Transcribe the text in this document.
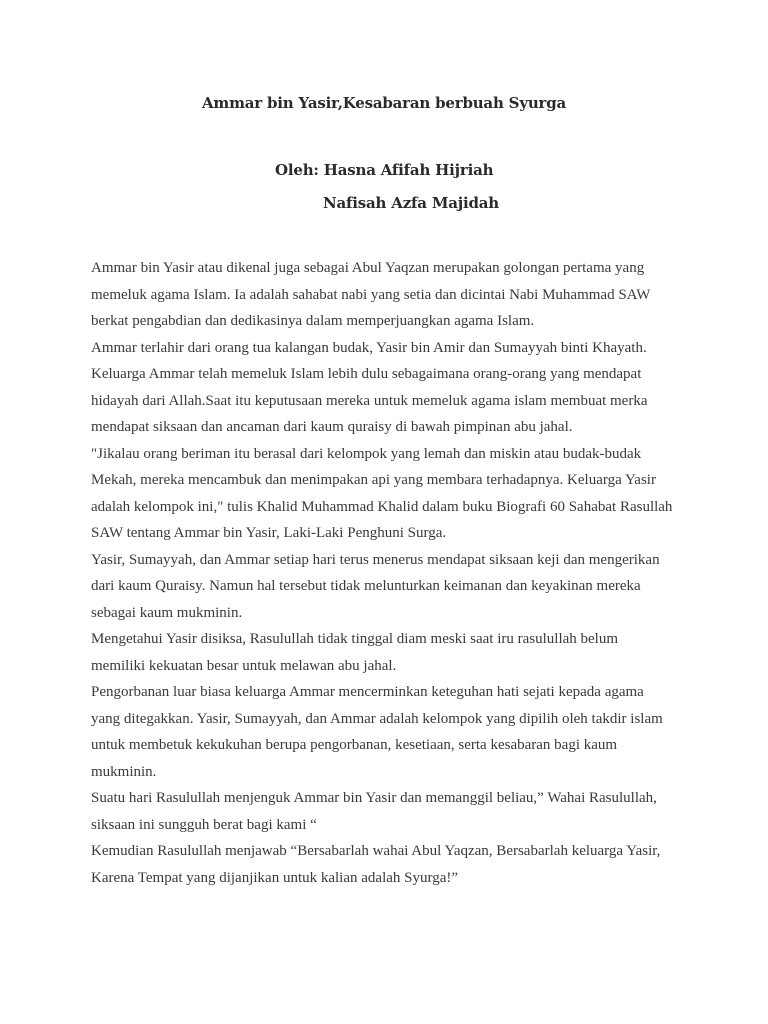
Ammar bin Yasir,Kesabaran berbuah Syurga

Oleh: Hasna Afifah Hijriah

Nafisah Azfa Majidah

Ammar bin Yasir atau dikenal juga sebagai Abul Yaqzan merupakan golongan pertama yang
memeluk agama Islam. Ia adalah sahabat nabi yang setia dan dicintai Nabi Muhammad SAW
berkat pengabdian dan dedikasinya dalam memperjuangkan agama Islam.
Ammar terlahir dari orang tua kalangan budak, Yasir bin Amir dan Sumayyah binti Khayath.
Keluarga Ammar telah memeluk Islam lebih dulu sebagaimana orang-orang yang mendapat
hidayah dari Allah.Saat itu keputusaan mereka untuk memeluk agama islam membuat merka
mendapat siksaan dan ancaman dari kaum quraisy di bawah pimpinan abu jahal.
"Jikalau orang beriman itu berasal dari kelompok yang lemah dan miskin atau budak-budak
Mekah, mereka mencambuk dan menimpakan api yang membara terhadapnya. Keluarga Yasir
adalah kelompok ini," tulis Khalid Muhammad Khalid dalam buku Biografi 60 Sahabat Rasullah
SAW tentang Ammar bin Yasir, Laki-Laki Penghuni Surga.
Yasir, Sumayyah, dan Ammar setiap hari terus menerus mendapat siksaan keji dan mengerikan
dari kaum Quraisy. Namun hal tersebut tidak melunturkan keimanan dan keyakinan mereka
sebagai kaum mukminin.
Mengetahui Yasir disiksa, Rasulullah tidak tinggal diam meski saat iru rasulullah belum
memiliki kekuatan besar untuk melawan abu jahal.
Pengorbanan luar biasa keluarga Ammar mencerminkan keteguhan hati sejati kepada agama
yang ditegakkan. Yasir, Sumayyah, dan Ammar adalah kelompok yang dipilih oleh takdir islam
untuk membetuk kekukuhan berupa pengorbanan, kesetiaan, serta kesabaran bagi kaum
mukminin.
Suatu hari Rasulullah menjenguk Ammar bin Yasir dan memanggil beliau,” Wahai Rasulullah,
siksaan ini sungguh berat bagi kami “
Kemudian Rasulullah menjawab “Bersabarlah wahai Abul Yaqzan, Bersabarlah keluarga Yasir,
Karena Tempat yang dijanjikan untuk kalian adalah Syurga!”
